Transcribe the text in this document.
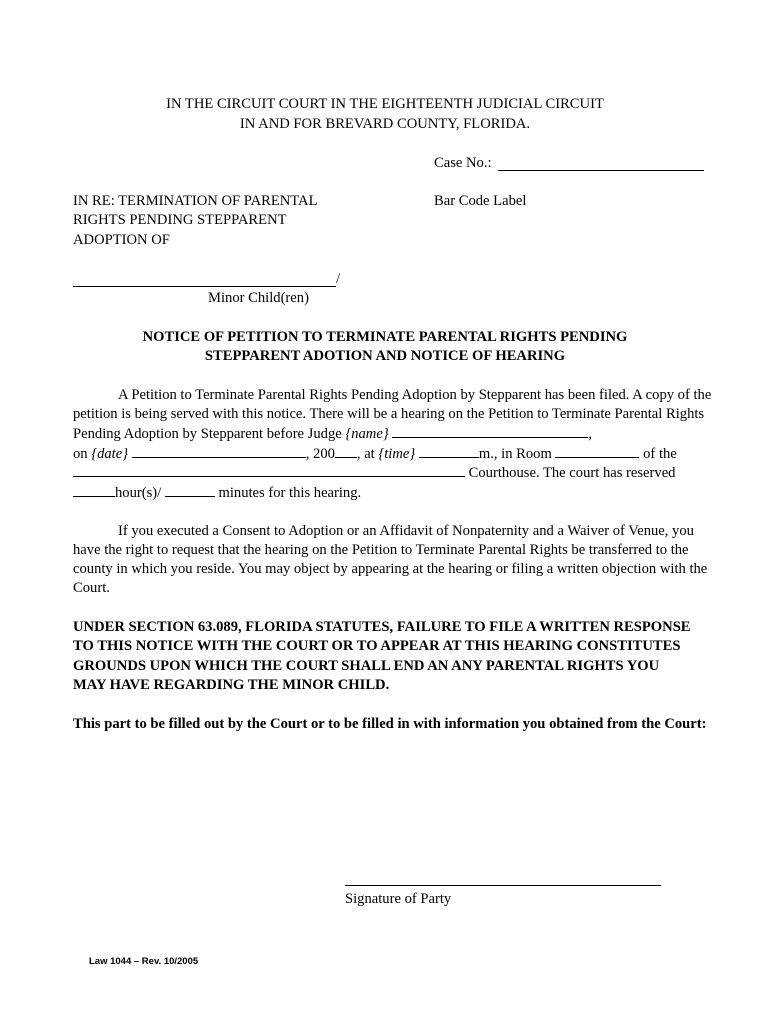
IN THE CIRCUIT COURT IN THE EIGHTEENTH JUDICIAL CIRCUIT
IN AND FOR BREVARD COUNTY, FLORIDA.
Case No.:
Bar Code Label
IN RE: TERMINATION OF PARENTAL
RIGHTS PENDING STEPPARENT
ADOPTION OF
/
Minor Child(ren)
NOTICE OF PETITION TO TERMINATE PARENTAL RIGHTS PENDING
STEPPARENT ADOTION AND NOTICE OF HEARING
A Petition to Terminate Parental Rights Pending Adoption by Stepparent has been filed. A copy of the
petition is being served with this notice. There will be a hearing on the Petition to Terminate Parental Rights
Pending Adoption by Stepparent before Judge {name}	,
on {date}	, 200 , at {time}	m., in Room	of the
Courthouse. The court has reserved
hour(s)/	minutes for this hearing.
If you executed a Consent to Adoption or an Affidavit of Nonpaternity and a Waiver of Venue, you
have the right to request that the hearing on the Petition to Terminate Parental Rights be transferred to the
county in which you reside. You may object by appearing at the hearing or filing a written objection with the
Court.
UNDER SECTION 63.089, FLORIDA STATUTES, FAILURE TO FILE A WRITTEN RESPONSE
TO THIS NOTICE WITH THE COURT OR TO APPEAR AT THIS HEARING CONSTITUTES
GROUNDS UPON WHICH THE COURT SHALL END AN ANY PARENTAL RIGHTS YOU
MAY HAVE REGARDING THE MINOR CHILD.
This part to be filled out by the Court or to be filled in with information you obtained from the Court:
Signature of Party
Law 1044 – Rev. 10/2005
